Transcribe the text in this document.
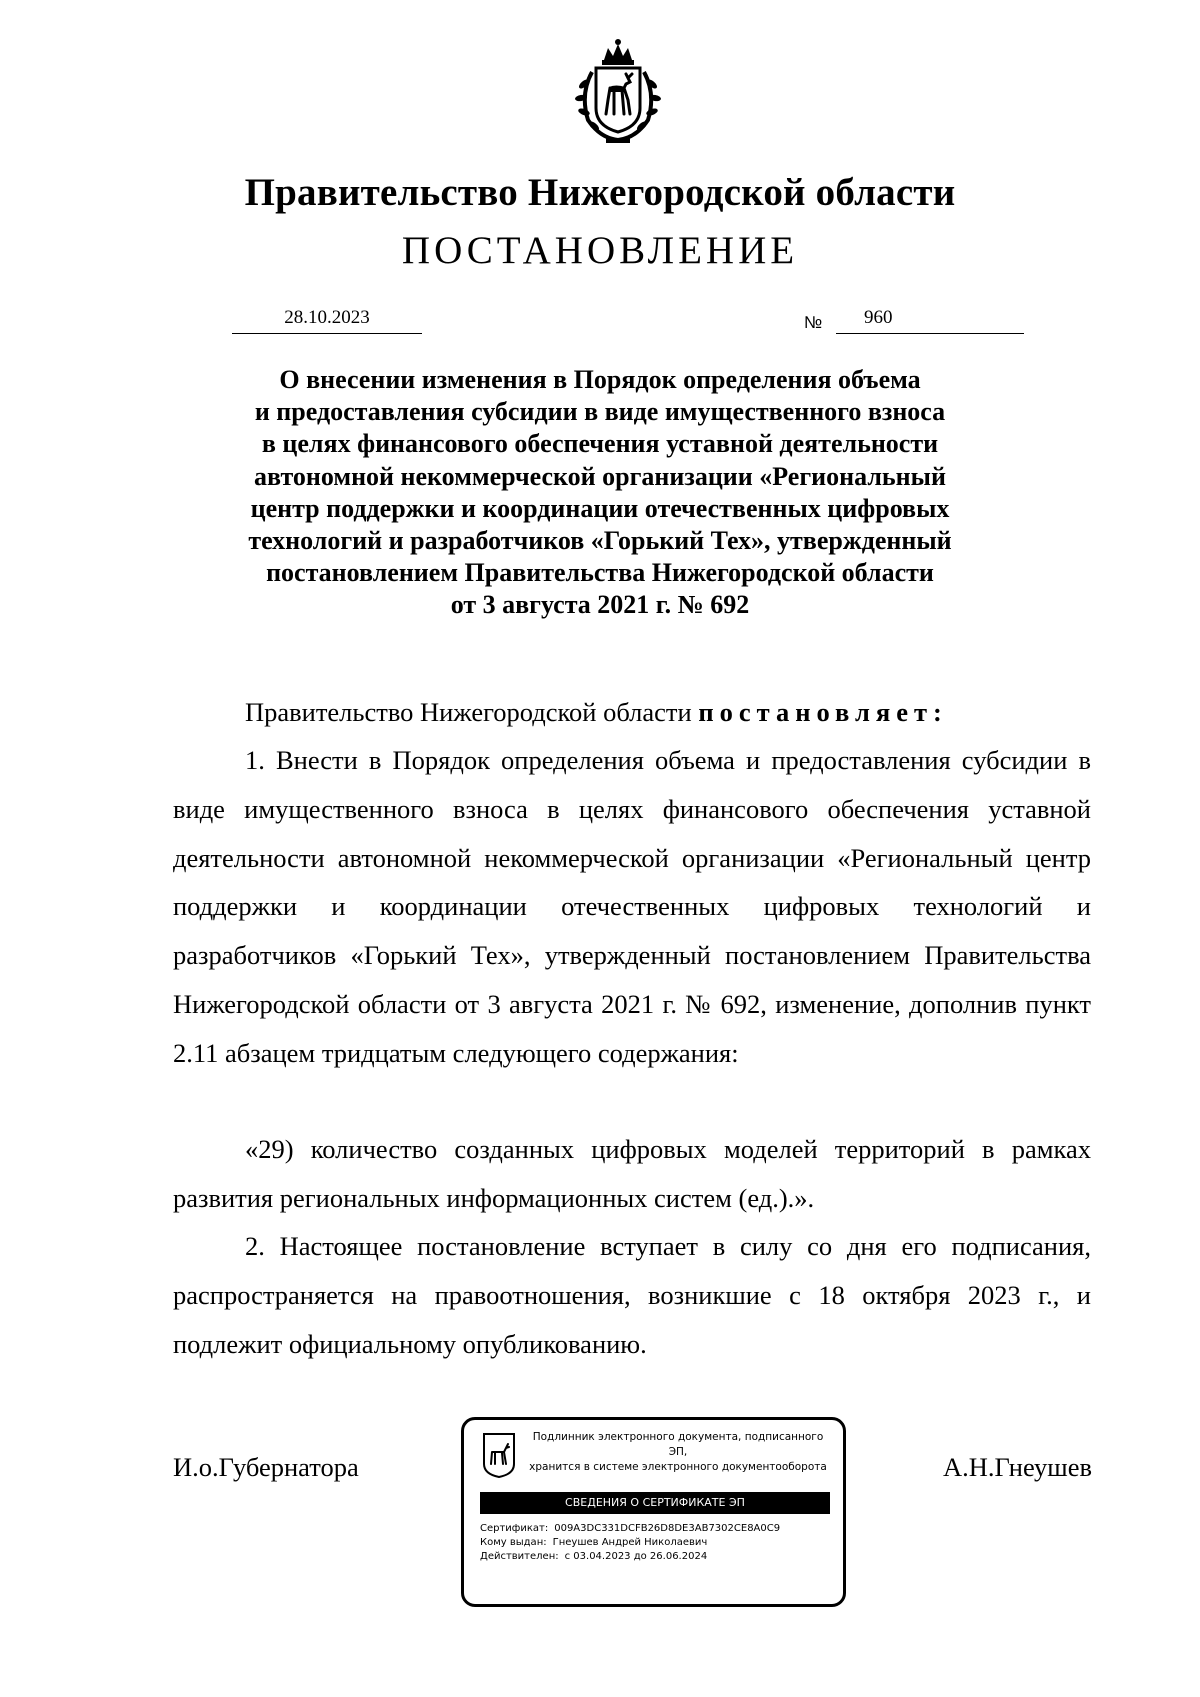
Правительство Нижегородской области
ПОСТАНОВЛЕНИЕ
28.10.2023	№ 960
О внесении изменения в Порядок определения объема
и предоставления субсидии в виде имущественного взноса
в целях финансового обеспечения уставной деятельности
автономной некоммерческой организации «Региональный
центр поддержки и координации отечественных цифровых
технологий и разработчиков «Горький Тех», утвержденный
постановлением Правительства Нижегородской области
от 3 августа 2021 г. № 692
Правительство Нижегородской области постановляет:
1. Внести в Порядок определения объема и предоставления субсидии в виде имущественного взноса в целях финансового обеспечения уставной деятельности автономной некоммерческой организации «Региональный центр поддержки и координации отечественных цифровых технологий и разработчиков «Горький Тех», утвержденный постановлением Правительства Нижегородской области от 3 августа 2021 г. № 692, изменение, дополнив пункт 2.11 абзацем тридцатым следующего содержания:
«29) количество созданных цифровых моделей территорий в рамках развития региональных информационных систем (ед.).».
2. Настоящее постановление вступает в силу со дня его подписания, распространяется на правоотношения, возникшие с 18 октября 2023 г., и подлежит официальному опубликованию.
И.о.Губернатора	А.Н.Гнеушев
Подлинник электронного документа, подписанного ЭП,
хранится в системе электронного документооборота
СВЕДЕНИЯ О СЕРТИФИКАТЕ ЭП
Сертификат: 009A3DC331DCFB26D8DE3AB7302CE8A0C9
Кому выдан: Гнеушев Андрей Николаевич
Действителен: с 03.04.2023 до 26.06.2024
